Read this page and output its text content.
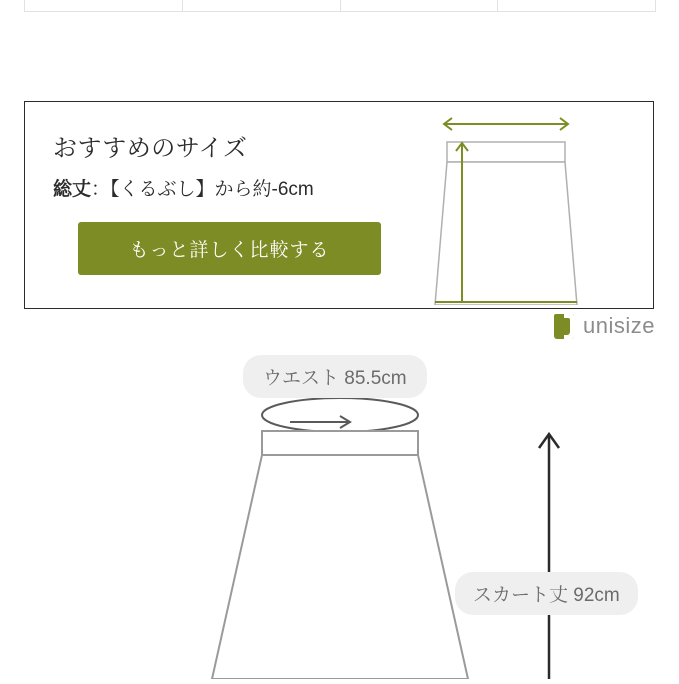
おすすめのサイズ
総丈：【くるぶし】から約-6cm
もっと詳しく比較する
unisize
ウエスト 85.5cm
スカート丈 92cm
